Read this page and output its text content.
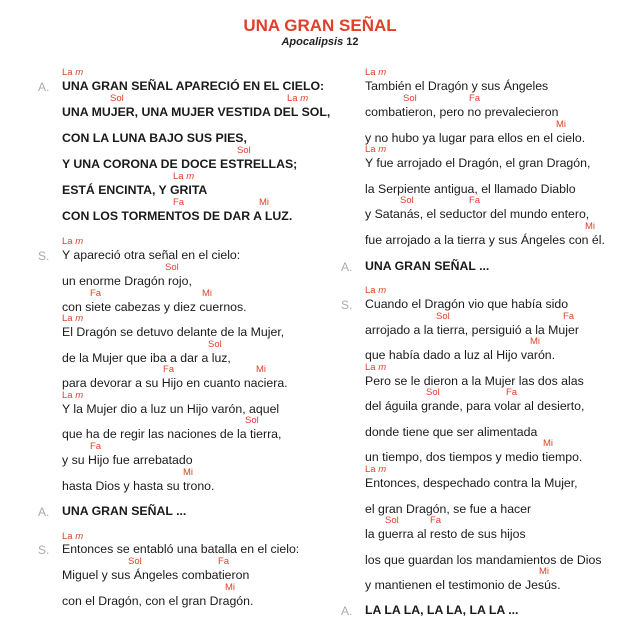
UNA GRAN SEÑAL
Apocalipsis 12
La m
A. UNA GRAN SEÑAL APARECIÓ EN EL CIELO:
Sol	La m
UNA MUJER, UNA MUJER VESTIDA DEL SOL,
CON LA LUNA BAJO SUS PIES,
Sol
Y UNA CORONA DE DOCE ESTRELLAS;
La m
ESTÁ ENCINTA, Y GRITA
Fa	Mi
CON LOS TORMENTOS DE DAR A LUZ.
La m
S. Y apareció otra señal en el cielo:
Sol
un enorme Dragón rojo,
Fa	Mi
con siete cabezas y diez cuernos.
La m
El Dragón se detuvo delante de la Mujer,
Sol
de la Mujer que iba a dar a luz,
Fa	Mi
para devorar a su Hijo en cuanto naciera.
La m
Y la Mujer dio a luz un Hijo varón, aquel
Sol
que ha de regir las naciones de la tierra,
Fa
y su Hijo fue arrebatado
Mi
hasta Dios y hasta su trono.
A. UNA GRAN SEÑAL ...
La m
S. Entonces se entabló una batalla en el cielo:
Sol	Fa
Miguel y sus Ángeles combatieron
Mi
con el Dragón, con el gran Dragón.
La m
También el Dragón y sus Ángeles
Sol	Fa
combatieron, pero no prevalecieron
Mi
y no hubo ya lugar para ellos en el cielo.
La m
Y fue arrojado el Dragón, el gran Dragón,
la Serpiente antigua, el llamado Diablo
Sol	Fa
y Satanás, el seductor del mundo entero,
Mi
fue arrojado a la tierra y sus Ángeles con él.
A. UNA GRAN SEÑAL ...
La m
S. Cuando el Dragón vio que había sido
Sol	Fa
arrojado a la tierra, persiguió a la Mujer
Mi
que había dado a luz al Hijo varón.
La m
Pero se le dieron a la Mujer las dos alas
Sol	Fa
del águila grande, para volar al desierto,
donde tiene que ser alimentada
Mi
un tiempo, dos tiempos y medio tiempo.
La m
Entonces, despechado contra la Mujer,
el gran Dragón, se fue a hacer
Sol	Fa
la guerra al resto de sus hijos
los que guardan los mandamientos de Dios
Mi
y mantienen el testimonio de Jesús.
A. LA LA LA, LA LA, LA LA ...
